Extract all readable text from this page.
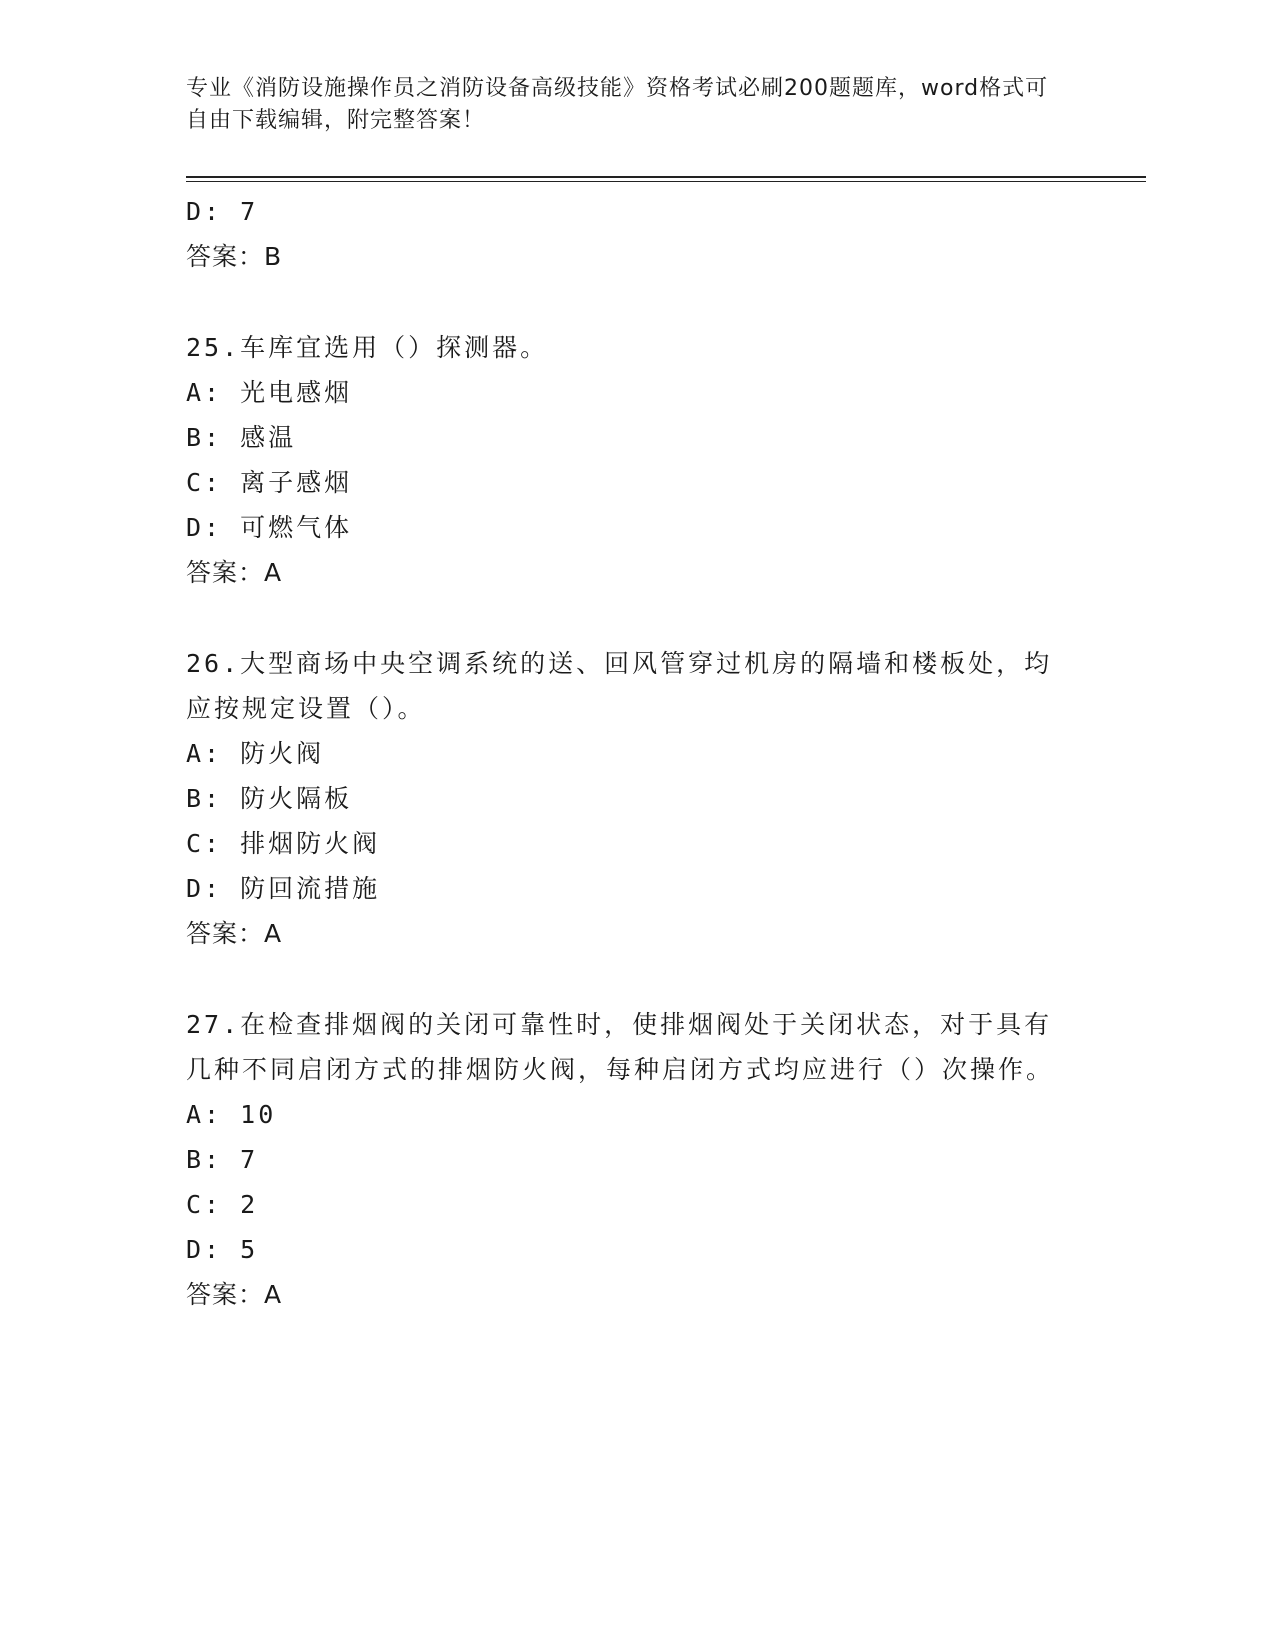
专业《消防设施操作员之消防设备高级技能》资格考试必刷200题题库，word格式可自由下载编辑，附完整答案！
D: 7
答案：B
25.车库宜选用（）探测器。
A: 光电感烟
B: 感温
C: 离子感烟
D: 可燃气体
答案：A
26.大型商场中央空调系统的送、回风管穿过机房的隔墙和楼板处，均应按规定设置（）。
A: 防火阀
B: 防火隔板
C: 排烟防火阀
D: 防回流措施
答案：A
27.在检查排烟阀的关闭可靠性时，使排烟阀处于关闭状态，对于具有几种不同启闭方式的排烟防火阀，每种启闭方式均应进行（）次操作。
A: 10
B: 7
C: 2
D: 5
答案：A
